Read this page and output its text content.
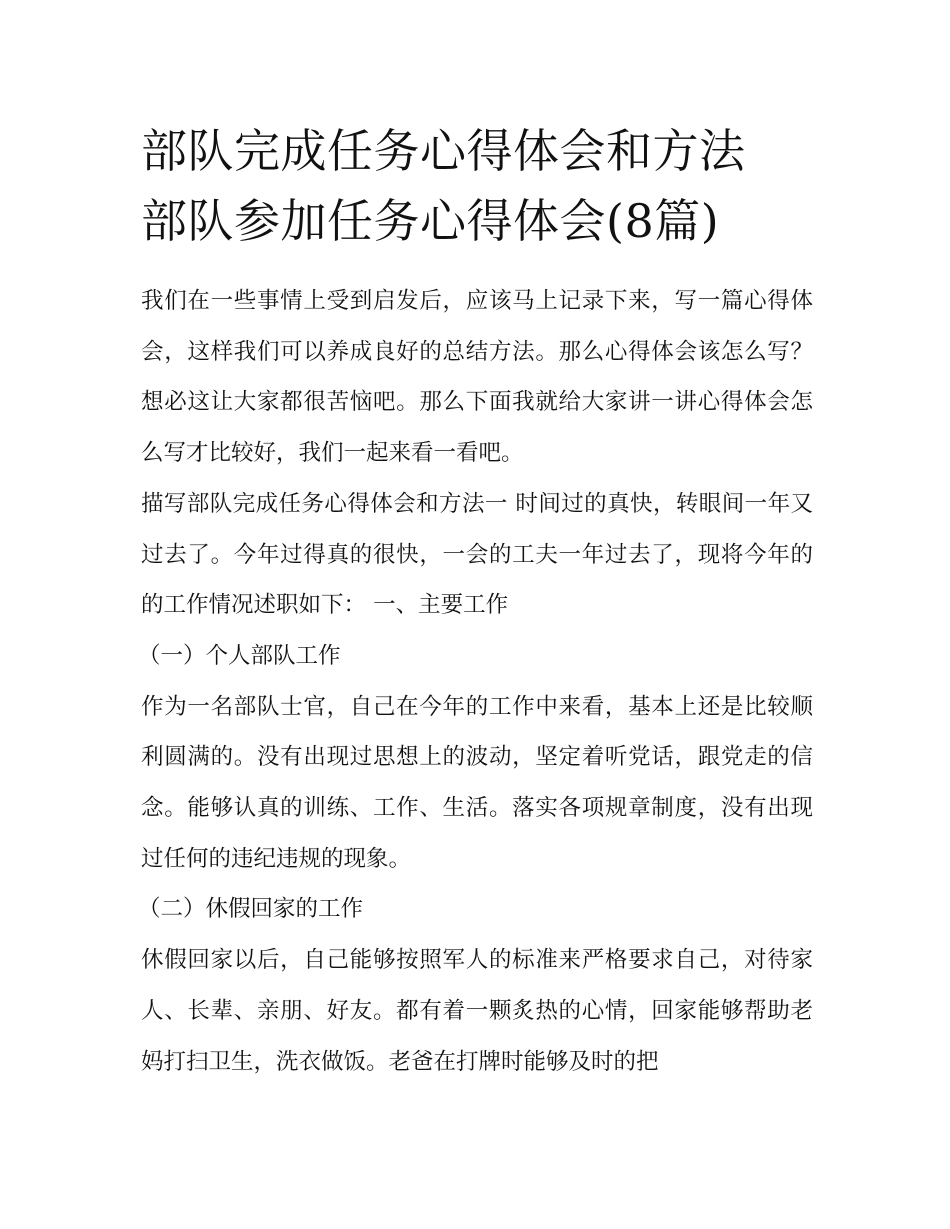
部队完成任务心得体会和方法
部队参加任务心得体会(8篇)

我们在一些事情上受到启发后，应该马上记录下来，写一篇心得体会，这样我们可以养成良好的总结方法。那么心得体会该怎么写？想必这让大家都很苦恼吧。那么下面我就给大家讲一讲心得体会怎么写才比较好，我们一起来看一看吧。

描写部队完成任务心得体会和方法一 时间过的真快，转眼间一年又过去了。今年过得真的很快，一会的工夫一年过去了，现将今年的的工作情况述职如下： 一、主要工作

（一）个人部队工作

作为一名部队士官，自己在今年的工作中来看，基本上还是比较顺利圆满的。没有出现过思想上的波动，坚定着听党话，跟党走的信念。能够认真的训练、工作、生活。落实各项规章制度，没有出现过任何的违纪违规的现象。

（二）休假回家的工作

休假回家以后，自己能够按照军人的标准来严格要求自己，对待家人、长辈、亲朋、好友。都有着一颗炙热的心情，回家能够帮助老妈打扫卫生，洗衣做饭。老爸在打牌时能够及时的把
